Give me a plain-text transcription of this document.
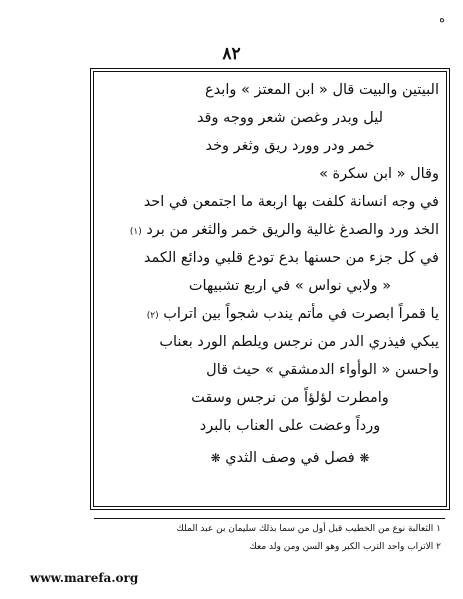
ه
٨٢
البيتين والبيت قال « ابن المعتز » وابدع
ليل وبدر وغصن شعر ووجه وقد
خمر ودر وورد ريق وثغر وخد
وقال « ابن سكرة »
في وجه انسانة كلفت بها اربعة ما اجتمعن في احد
الخد ورد والصدغ غالية والريق خمر والثغر من برد (١)
في كل جزء من حسنها بدع تودع قلبي ودائع الكمد
« ولابي نواس » في اربع تشبيهات
يا قمراً ابصرت في مأتم يندب شجواً بين اتراب (٢)
يبكي فيذري الدر من نرجس ويلطم الورد بعناب
واحسن « الوأواء الدمشقي » حيث قال
وامطرت لؤلؤاً من نرجس وسقت
ورداً وعضت على العناب بالبرد
❋ فصل في وصف الثدي ❋
١ الثعالبة نوع من الخطيب قبل أول من سما بذلك سليمان بن عبد الملك
٢ الاتراب واحد الترب الكبر وهو السن ومن ولد معك
www.marefa.org
